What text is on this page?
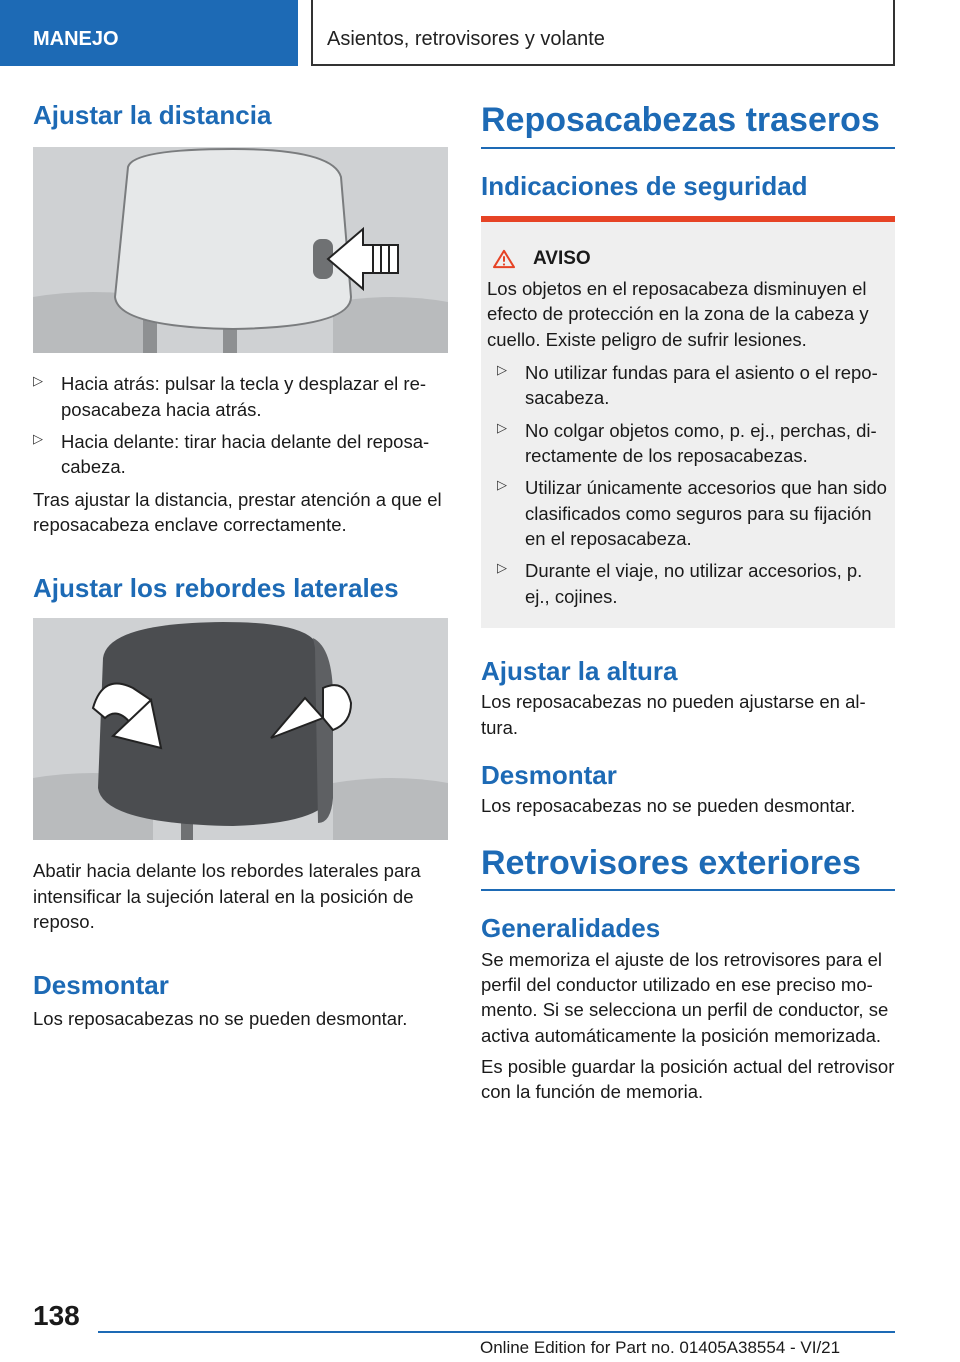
MANEJO	Asientos, retrovisores y volante
Ajustar la distancia
▷ Hacia atrás: pulsar la tecla y desplazar el reposacabeza hacia atrás.
▷ Hacia delante: tirar hacia delante del reposacabeza.

Tras ajustar la distancia, prestar atención a que el reposacabeza enclave correctamente.

Ajustar los rebordes laterales

Abatir hacia delante los rebordes laterales para intensificar la sujeción lateral en la posición de reposo.

Desmontar

Los reposacabezas no se pueden desmontar.

Reposacabezas traseros
Indicaciones de seguridad
AVISO

Los objetos en el reposacabeza disminuyen el efecto de protección en la zona de la cabeza y cuello. Existe peligro de sufrir lesiones.

▷ No utilizar fundas para el asiento o el reposacabeza.
▷ No colgar objetos como, p. ej., perchas, directamente de los reposacabezas.
▷ Utilizar únicamente accesorios que han sido clasificados como seguros para su fijación en el reposacabeza.
▷ Durante el viaje, no utilizar accesorios, p. ej., cojines.
Ajustar la altura

Los reposacabezas no pueden ajustarse en altura.

Desmontar

Los reposacabezas no se pueden desmontar.

Retrovisores exteriores
Generalidades

Se memoriza el ajuste de los retrovisores para el perfil del conductor utilizado en ese preciso momento. Si se selecciona un perfil de conductor, se activa automáticamente la posición memorizada.

Es posible guardar la posición actual del retrovisor con la función de memoria.

138
Online Edition for Part no. 01405A38554 - VI/21
